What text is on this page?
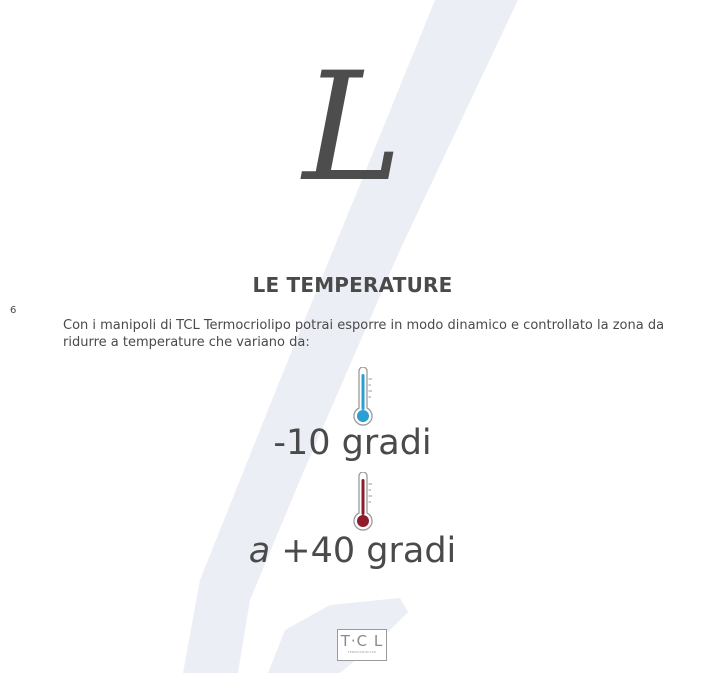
L
6
LE TEMPERATURE

Con i manipoli di TCL Termocriolipo potrai esporre in modo dinamico e controllato la zona da ridurre a temperature che variano da:

-10 gradi
a +40 gradi
T·C L
TERMOCRIOLIPO
